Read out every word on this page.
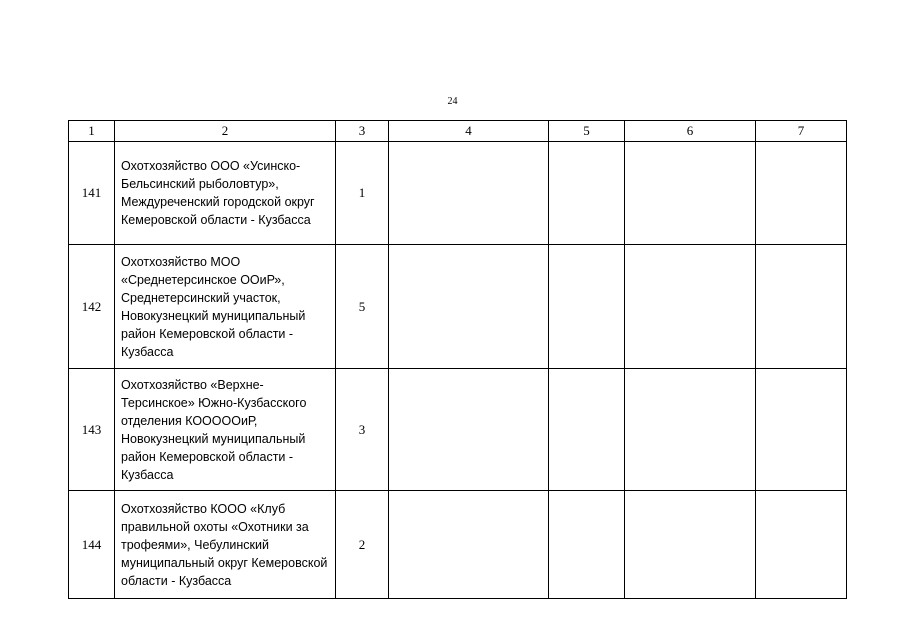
24
1	2	3	4	5	6	7
141	Охотхозяйство ООО «Усинско-Бельсинский рыболовтур», Междуреченский городской округ Кемеровской области - Кузбасса	1				
142	Охотхозяйство МОО «Среднетерсинское ООиР», Среднетерсинский участок, Новокузнецкий муниципальный район Кемеровской области - Кузбасса	5				
143	Охотхозяйство «Верхне-Терсинское» Южно-Кузбасского отделения КОООООиР, Новокузнецкий муниципальный район Кемеровской области - Кузбасса	3				
144	Охотхозяйство КООО «Клуб правильной охоты «Охотники за трофеями», Чебулинский муниципальный округ Кемеровской области - Кузбасса	2				
